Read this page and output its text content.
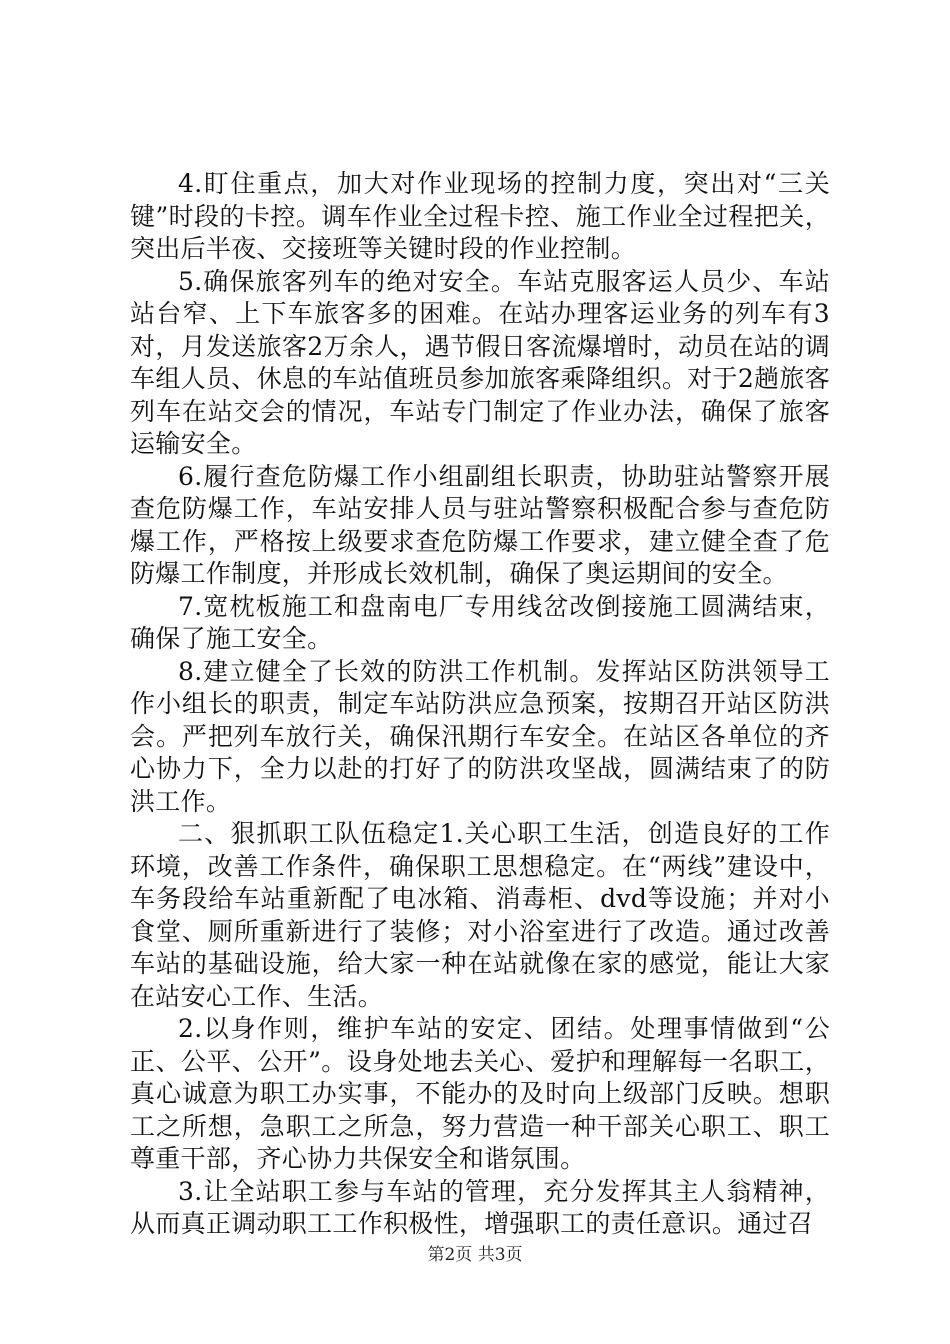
4.盯住重点，加大对作业现场的控制力度，突出对“三关键”时段的卡控。调车作业全过程卡控、施工作业全过程把关，突出后半夜、交接班等关键时段的作业控制。

5.确保旅客列车的绝对安全。车站克服客运人员少、车站站台窄、上下车旅客多的困难。在站办理客运业务的列车有3对，月发送旅客2万余人，遇节假日客流爆增时，动员在站的调车组人员、休息的车站值班员参加旅客乘降组织。对于2趟旅客列车在站交会的情况，车站专门制定了作业办法，确保了旅客运输安全。

6.履行查危防爆工作小组副组长职责，协助驻站警察开展查危防爆工作，车站安排人员与驻站警察积极配合参与查危防爆工作，严格按上级要求查危防爆工作要求，建立健全查了危防爆工作制度，并形成长效机制，确保了奥运期间的安全。

7.宽枕板施工和盘南电厂专用线岔改倒接施工圆满结束，确保了施工安全。

8.建立健全了长效的防洪工作机制。发挥站区防洪领导工作小组长的职责，制定车站防洪应急预案，按期召开站区防洪会。严把列车放行关，确保汛期行车安全。在站区各单位的齐心协力下，全力以赴的打好了的防洪攻坚战，圆满结束了的防洪工作。

二、狠抓职工队伍稳定1.关心职工生活，创造良好的工作环境，改善工作条件，确保职工思想稳定。在“两线”建设中，车务段给车站重新配了电冰箱、消毒柜、dvd等设施；并对小食堂、厕所重新进行了装修；对小浴室进行了改造。通过改善车站的基础设施，给大家一种在站就像在家的感觉，能让大家在站安心工作、生活。

2.以身作则，维护车站的安定、团结。处理事情做到“公正、公平、公开”。设身处地去关心、爱护和理解每一名职工，真心诚意为职工办实事，不能办的及时向上级部门反映。想职工之所想，急职工之所急，努力营造一种干部关心职工、职工尊重干部，齐心协力共保安全和谐氛围。

3.让全站职工参与车站的管理，充分发挥其主人翁精神，从而真正调动职工工作积极性，增强职工的责任意识。通过召

第2页 共3页
